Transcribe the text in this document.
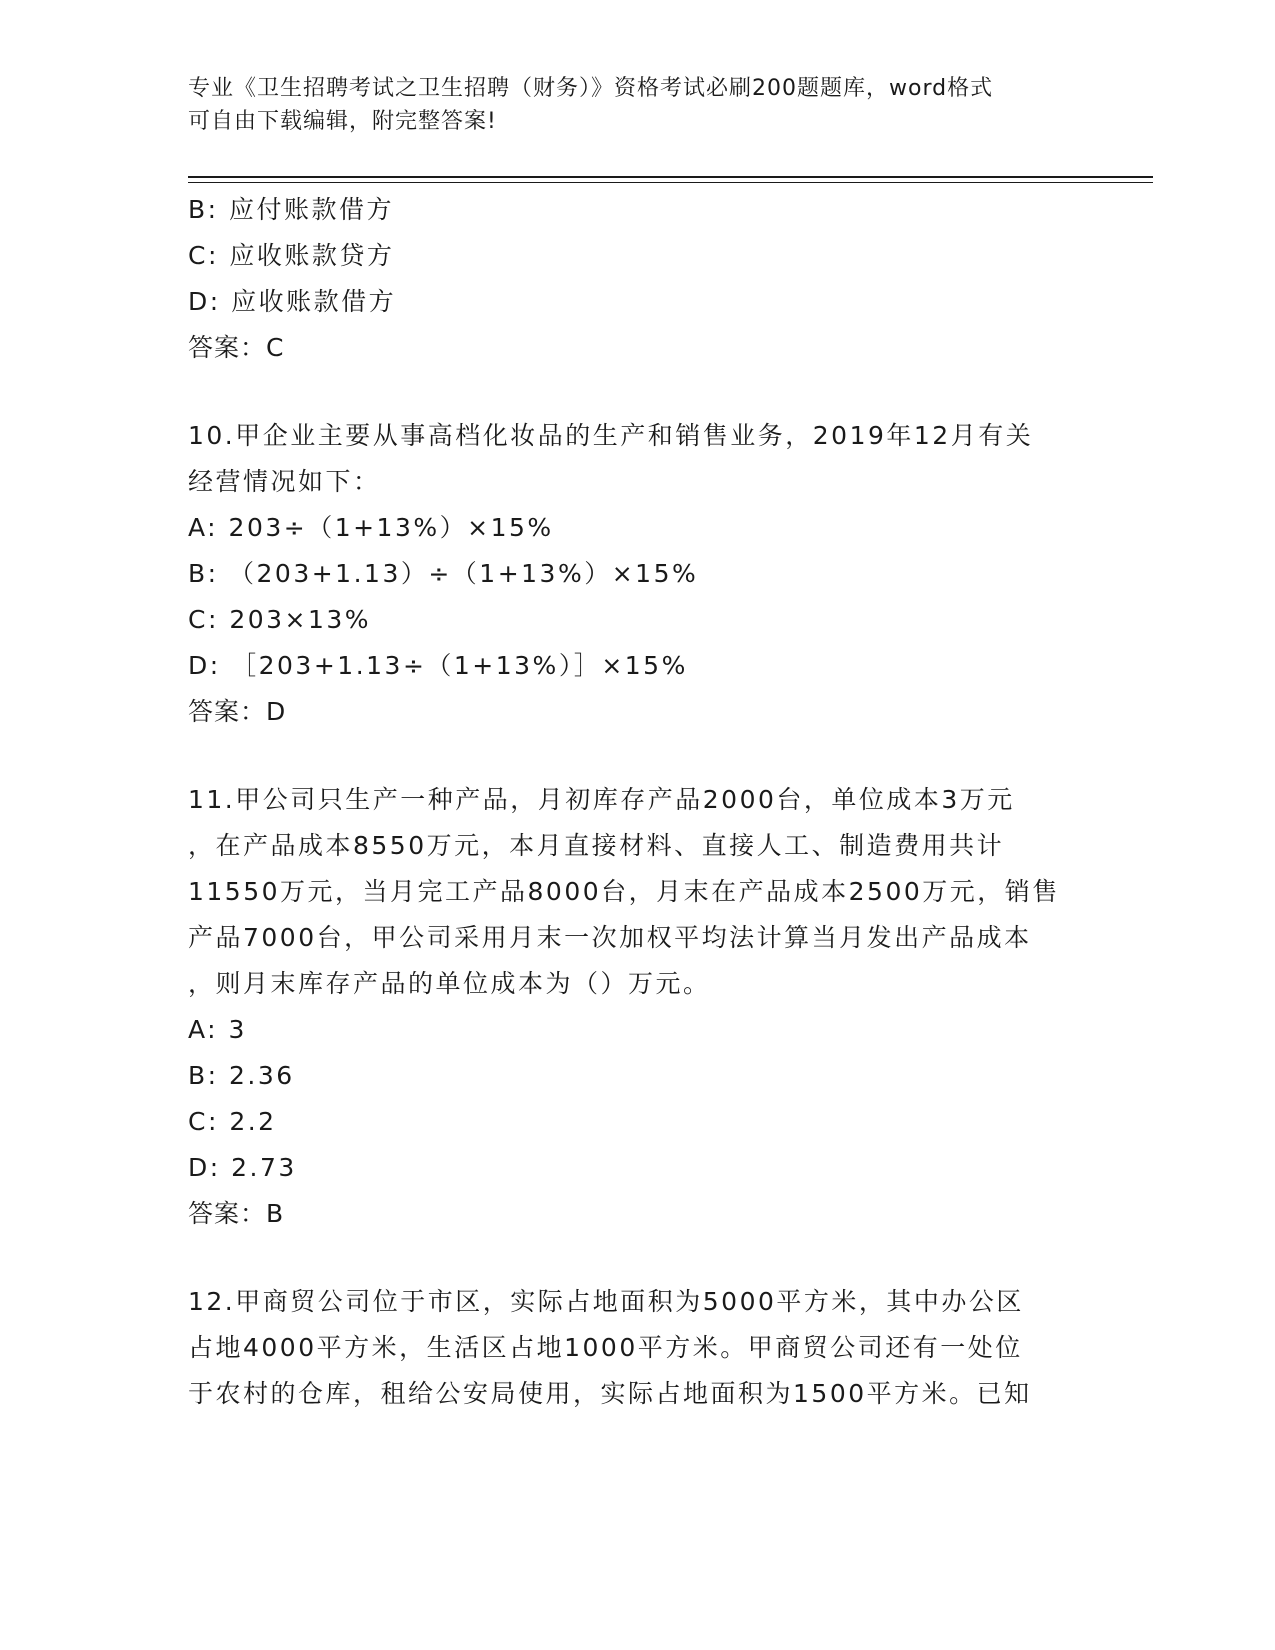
专业《卫生招聘考试之卫生招聘（财务）》资格考试必刷200题题库，word格式
可自由下载编辑，附完整答案!
B: 应付账款借方
C: 应收账款贷方
D: 应收账款借方
答案：C
10.甲企业主要从事高档化妆品的生产和销售业务，2019年12月有关
经营情况如下：
A: 203÷（1+13%）×15%
B: （203+1.13）÷（1+13%）×15%
C: 203×13%
D: ［203+1.13÷（1+13%）］×15%
答案：D
11.甲公司只生产一种产品，月初库存产品2000台，单位成本3万元
，在产品成本8550万元，本月直接材料、直接人工、制造费用共计
11550万元，当月完工产品8000台，月末在产品成本2500万元，销售
产品7000台，甲公司采用月末一次加权平均法计算当月发出产品成本
，则月末库存产品的单位成本为（）万元。
A: 3
B: 2.36
C: 2.2
D: 2.73
答案：B
12.甲商贸公司位于市区，实际占地面积为5000平方米，其中办公区
占地4000平方米，生活区占地1000平方米。甲商贸公司还有一处位
于农村的仓库，租给公安局使用，实际占地面积为1500平方米。已知
